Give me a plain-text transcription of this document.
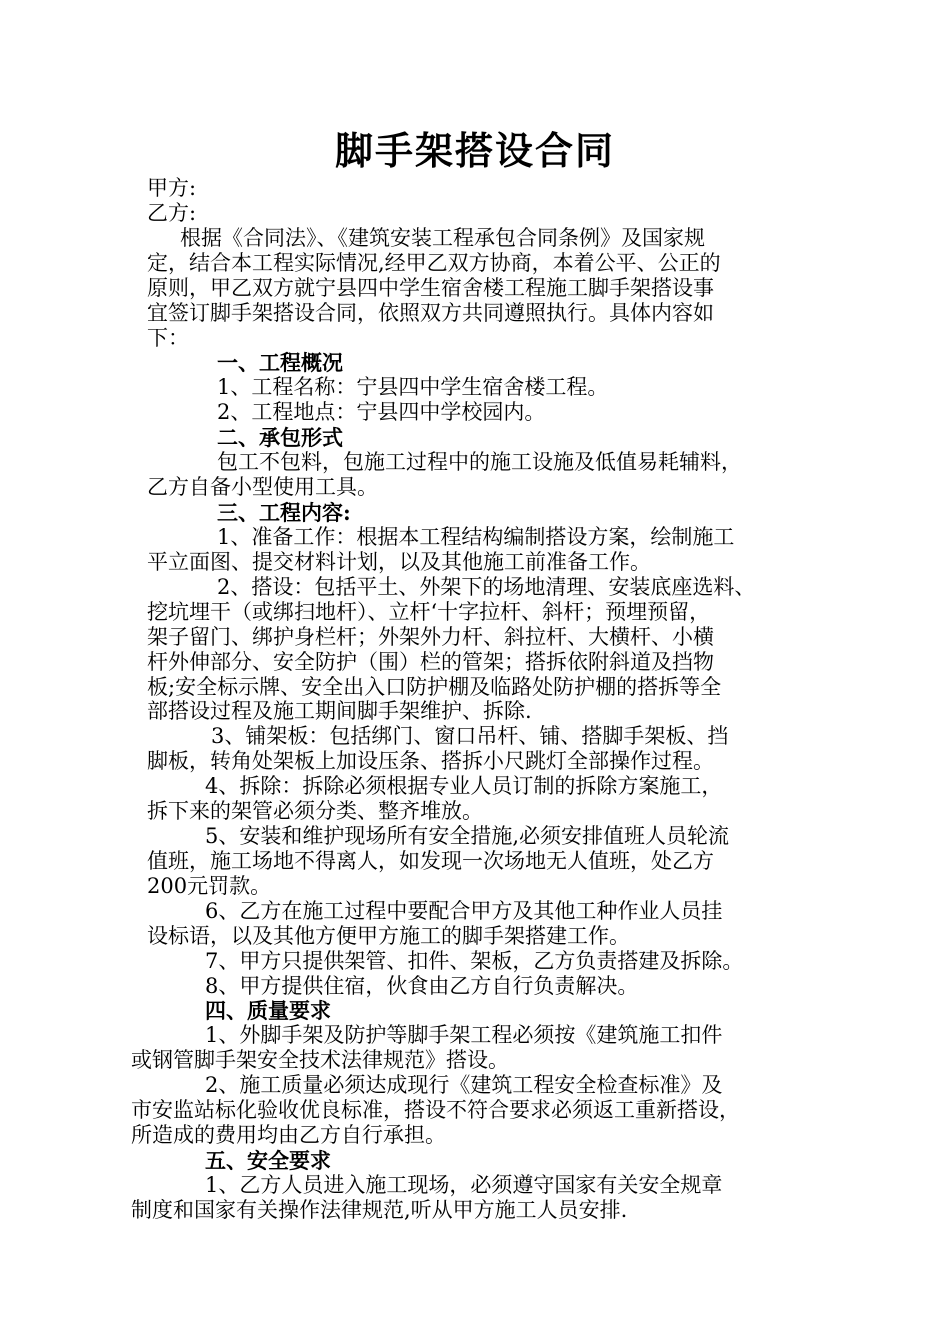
脚手架搭设合同
甲方:
乙方:
根据《合同法》、《建筑安装工程承包合同条例》及国家规
定，结合本工程实际情况,经甲乙双方协商，本着公平、公正的
原则，甲乙双方就宁县四中学生宿舍楼工程施工脚手架搭设事
宜签订脚手架搭设合同，依照双方共同遵照执行。具体内容如
下：
一、工程概况
1、工程名称：宁县四中学生宿舍楼工程。
2、工程地点：宁县四中学校园内。
二、承包形式
包工不包料，包施工过程中的施工设施及低值易耗辅料，
乙方自备小型使用工具。
三、工程内容:
1、准备工作：根据本工程结构编制搭设方案，绘制施工
平立面图、提交材料计划，以及其他施工前准备工作。
2、搭设：包括平土、外架下的场地清理、安装底座选料、
挖坑埋干（或绑扫地杆）、立杆‘十字拉杆、斜杆；预埋预留，
架子留门、绑护身栏杆；外架外力杆、斜拉杆、大横杆、小横
杆外伸部分、安全防护（围）栏的管架；搭拆依附斜道及挡物
板;安全标示牌、安全出入口防护棚及临路处防护棚的搭拆等全
部搭设过程及施工期间脚手架维护、拆除.
3、铺架板：包括绑门、窗口吊杆、铺、搭脚手架板、挡
脚板，转角处架板上加设压条、搭拆小尺跳灯全部操作过程。
4、拆除：拆除必须根据专业人员订制的拆除方案施工，
拆下来的架管必须分类、整齐堆放。
5、安装和维护现场所有安全措施,必须安排值班人员轮流
值班，施工场地不得离人，如发现一次场地无人值班，处乙方
200元罚款。
6、乙方在施工过程中要配合甲方及其他工种作业人员挂
设标语，以及其他方便甲方施工的脚手架搭建工作。
7、甲方只提供架管、扣件、架板，乙方负责搭建及拆除。
8、甲方提供住宿，伙食由乙方自行负责解决。
四、质量要求
1、外脚手架及防护等脚手架工程必须按《建筑施工扣件
或钢管脚手架安全技术法律规范》搭设。
2、施工质量必须达成现行《建筑工程安全检查标准》及
市安监站标化验收优良标准，搭设不符合要求必须返工重新搭设，
所造成的费用均由乙方自行承担。
五、安全要求
1、乙方人员进入施工现场，必须遵守国家有关安全规章
制度和国家有关操作法律规范,听从甲方施工人员安排.
